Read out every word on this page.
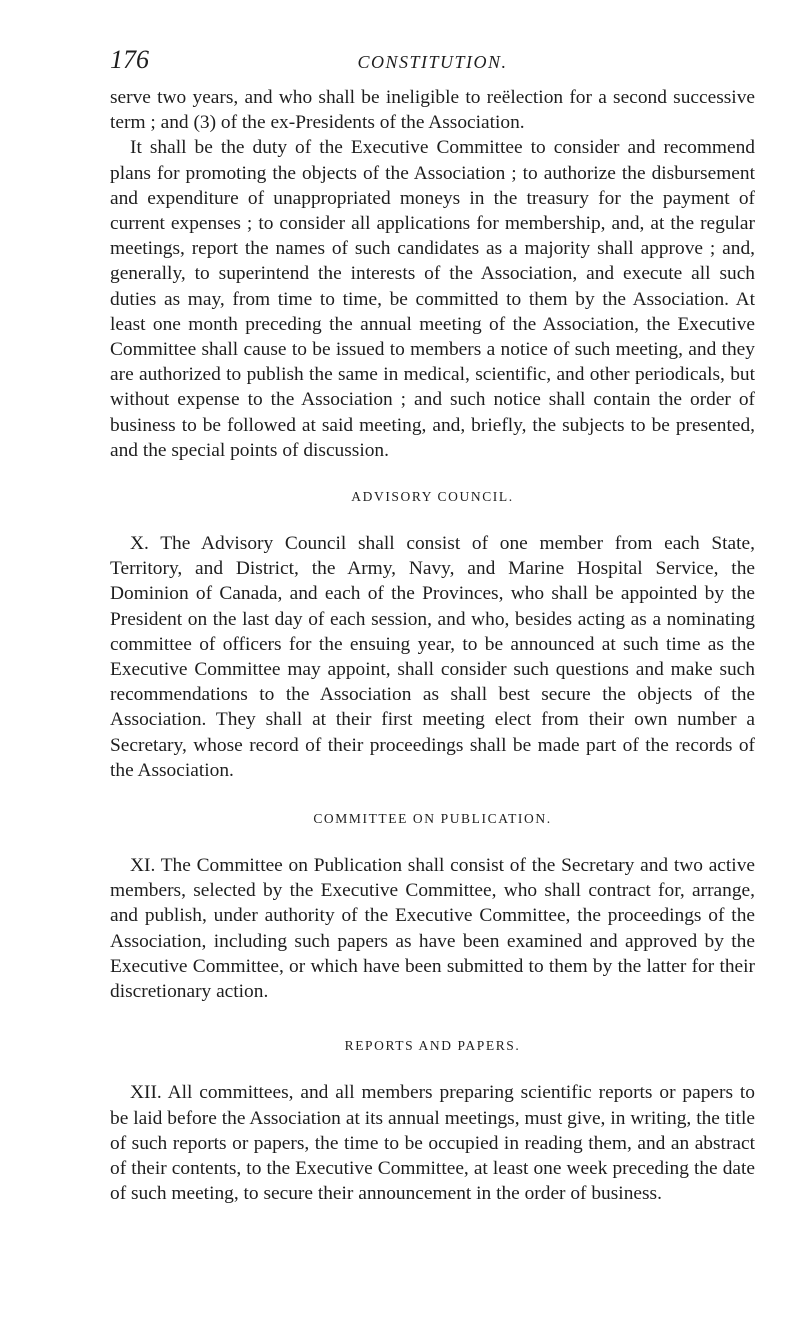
176	CONSTITUTION.

serve two years, and who shall be ineligible to reëlection for a second successive term ; and (3) of the ex-Presidents of the Association.

It shall be the duty of the Executive Committee to consider and recommend plans for promoting the objects of the Association ; to authorize the disbursement and expenditure of unappropriated moneys in the treasury for the payment of current expenses ; to consider all applications for membership, and, at the regular meetings, report the names of such candidates as a majority shall approve ; and, generally, to superintend the interests of the Association, and execute all such duties as may, from time to time, be committed to them by the Association. At least one month preceding the annual meeting of the Association, the Executive Committee shall cause to be issued to members a notice of such meeting, and they are authorized to publish the same in medical, scientific, and other periodicals, but without expense to the Association ; and such notice shall contain the order of business to be followed at said meeting, and, briefly, the subjects to be presented, and the special points of discussion.

ADVISORY COUNCIL.

X. The Advisory Council shall consist of one member from each State, Territory, and District, the Army, Navy, and Marine Hospital Service, the Dominion of Canada, and each of the Provinces, who shall be appointed by the President on the last day of each session, and who, besides acting as a nominating committee of officers for the ensuing year, to be announced at such time as the Executive Committee may appoint, shall consider such questions and make such recommendations to the Association as shall best secure the objects of the Association. They shall at their first meeting elect from their own number a Secretary, whose record of their proceedings shall be made part of the records of the Association.

COMMITTEE ON PUBLICATION.

XI. The Committee on Publication shall consist of the Secretary and two active members, selected by the Executive Committee, who shall contract for, arrange, and publish, under authority of the Executive Committee, the proceedings of the Association, including such papers as have been examined and approved by the Executive Committee, or which have been submitted to them by the latter for their discretionary action.

REPORTS AND PAPERS.

XII. All committees, and all members preparing scientific reports or papers to be laid before the Association at its annual meetings, must give, in writing, the title of such reports or papers, the time to be occupied in reading them, and an abstract of their contents, to the Executive Committee, at least one week preceding the date of such meeting, to secure their announcement in the order of business.
